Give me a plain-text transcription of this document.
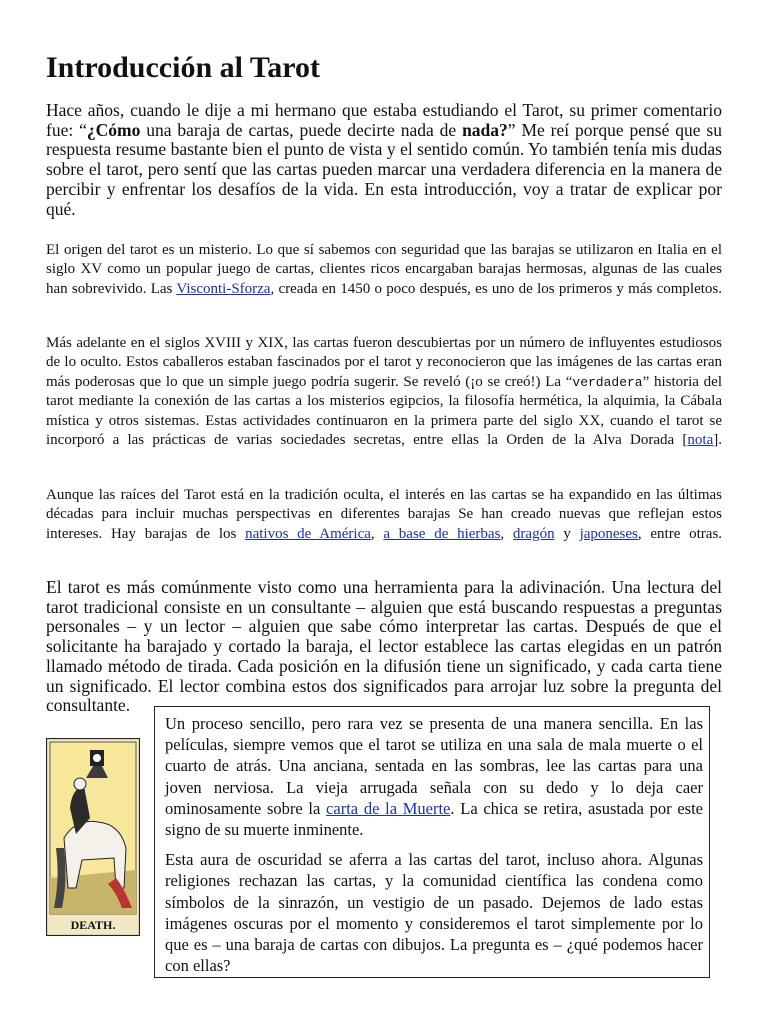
Introducción al Tarot

Hace años, cuando le dije a mi hermano que estaba estudiando el Tarot, su primer comentario fue: “¿Cómo una baraja de cartas, puede decirte nada de nada?” Me reí porque pensé que su respuesta resume bastante bien el punto de vista y el sentido común. Yo también tenía mis dudas sobre el tarot, pero sentí que las cartas pueden marcar una verdadera diferencia en la manera de percibir y enfrentar los desafíos de la vida. En esta introducción, voy a tratar de explicar por qué.

El origen del tarot es un misterio. Lo que sí sabemos con seguridad que las barajas se utilizaron en Italia en el siglo XV como un popular juego de cartas, clientes ricos encargaban barajas hermosas, algunas de las cuales han sobrevivido. Las Visconti-Sforza, creada en 1450 o poco después, es uno de los primeros y más completos.

Más adelante en el siglos XVIII y XIX, las cartas fueron descubiertas por un número de influyentes estudiosos de lo oculto. Estos caballeros estaban fascinados por el tarot y reconocieron que las imágenes de las cartas eran más poderosas que lo que un simple juego podría sugerir. Se reveló (¡o se creó!) La “verdadera” historia del tarot mediante la conexión de las cartas a los misterios egipcios, la filosofía hermética, la alquimia, la Cábala mística y otros sistemas. Estas actividades continuaron en la primera parte del siglo XX, cuando el tarot se incorporó a las prácticas de varias sociedades secretas, entre ellas la Orden de la Alva Dorada [nota].

Aunque las raíces del Tarot está en la tradición oculta, el interés en las cartas se ha expandido en las últimas décadas para incluir muchas perspectivas en diferentes barajas Se han creado nuevas que reflejan estos intereses. Hay barajas de los nativos de América, a base de hierbas, dragón y japoneses, entre otras.

El tarot es más comúnmente visto como una herramienta para la adivinación. Una lectura del tarot tradicional consiste en un consultante – alguien que está buscando respuestas a preguntas personales – y un lector – alguien que sabe cómo interpretar las cartas. Después de que el solicitante ha barajado y cortado la baraja, el lector establece las cartas elegidas en un patrón llamado método de tirada. Cada posición en la difusión tiene un significado, y cada carta tiene un significado. El lector combina estos dos significados para arrojar luz sobre la pregunta del consultante.

DEATH.

Un proceso sencillo, pero rara vez se presenta de una manera sencilla. En las películas, siempre vemos que el tarot se utiliza en una sala de mala muerte o el cuarto de atrás. Una anciana, sentada en las sombras, lee las cartas para una joven nerviosa. La vieja arrugada señala con su dedo y lo deja caer ominosamente sobre la carta de la Muerte. La chica se retira, asustada por este signo de su muerte inminente.

Esta aura de oscuridad se aferra a las cartas del tarot, incluso ahora. Algunas religiones rechazan las cartas, y la comunidad científica las condena como símbolos de la sinrazón, un vestigio de un pasado. Dejemos de lado estas imágenes oscuras por el momento y consideremos el tarot simplemente por lo que es – una baraja de cartas con dibujos. La pregunta es – ¿qué podemos hacer con ellas?
